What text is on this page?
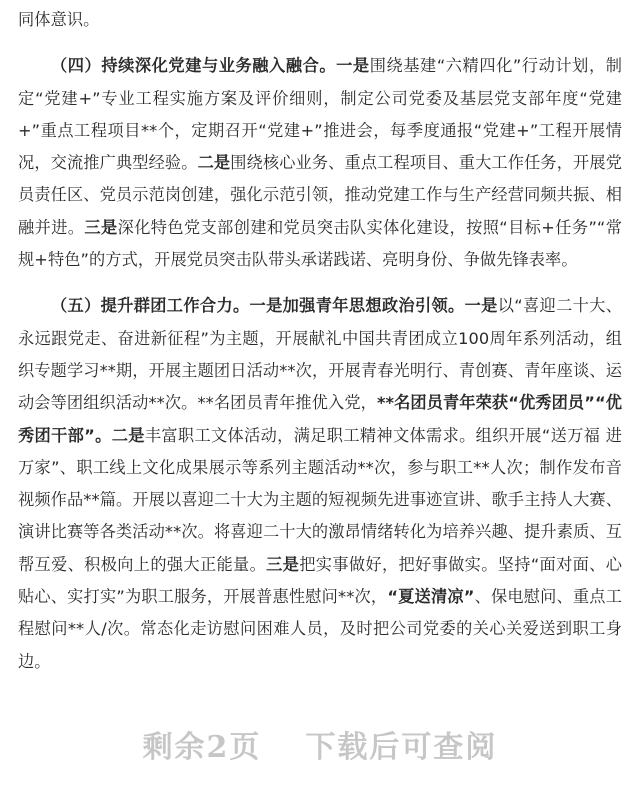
同体意识。

（四）持续深化党建与业务融入融合。一是围绕基建“六精四化”行动计划，制定“党建+”专业工程实施方案及评价细则，制定公司党委及基层党支部年度“党建+”重点工程项目**个，定期召开“党建+”推进会，每季度通报“党建+”工程开展情况，交流推广典型经验。二是围绕核心业务、重点工程项目、重大工作任务，开展党员责任区、党员示范岗创建，强化示范引领，推动党建工作与生产经营同频共振、相融并进。三是深化特色党支部创建和党员突击队实体化建设，按照“目标+任务”“常规+特色”的方式，开展党员突击队带头承诺践诺、亮明身份、争做先锋表率。

（五）提升群团工作合力。一是加强青年思想政治引领。一是以“喜迎二十大、永远跟党走、奋进新征程”为主题，开展献礼中国共青团成立100周年系列活动，组织专题学习**期，开展主题团日活动**次，开展青春光明行、青创赛、青年座谈、运动会等团组织活动**次。**名团员青年推优入党，**名团员青年荣获“优秀团员”“优秀团干部”。二是丰富职工文体活动，满足职工精神文体需求。组织开展“送万福 进万家”、职工线上文化成果展示等系列主题活动**次，参与职工**人次；制作发布音视频作品**篇。开展以喜迎二十大为主题的短视频先进事迹宣讲、歌手主持人大赛、演讲比赛等各类活动**次。将喜迎二十大的激昂情绪转化为培养兴趣、提升素质、互帮互爱、积极向上的强大正能量。三是把实事做好，把好事做实。坚持“面对面、心贴心、实打实”为职工服务，开展普惠性慰问**次，“夏送清凉”、保电慰问、重点工程慰问**人/次。常态化走访慰问困难人员，及时把公司党委的关心关爱送到职工身边。

剩余2页 下载后可查阅
